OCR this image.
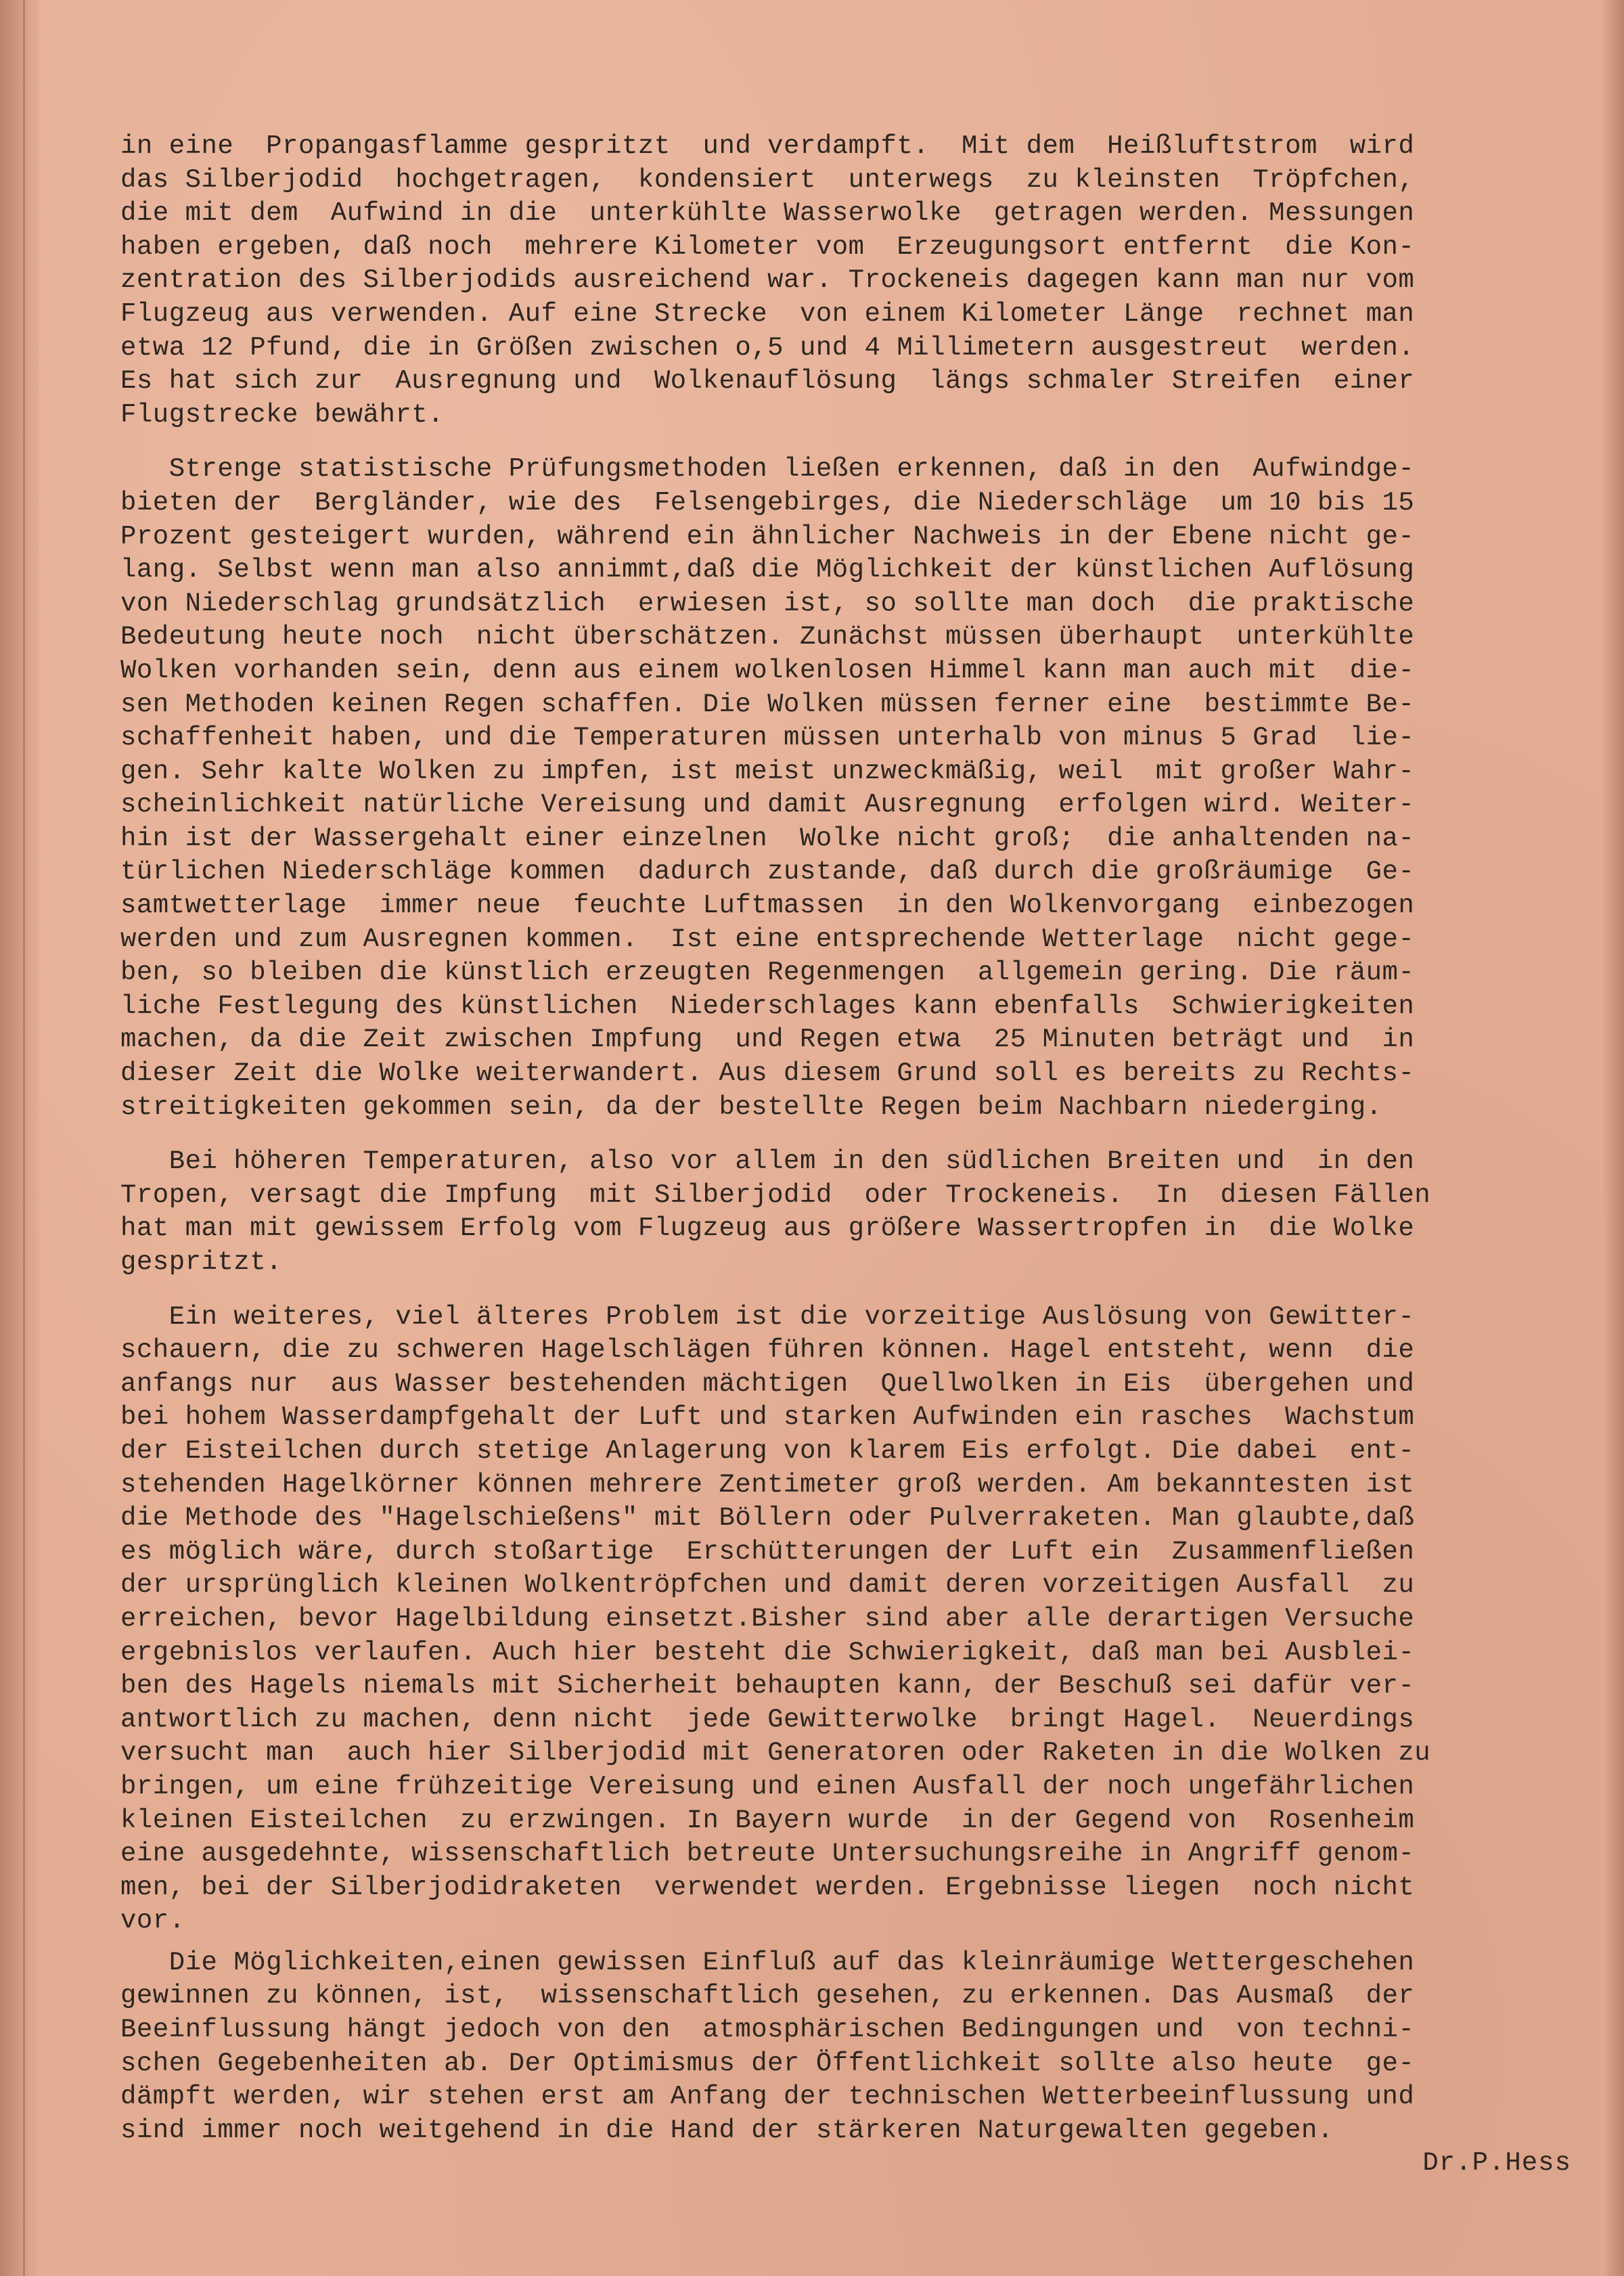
in eine  Propangasflamme gespritzt  und verdampft.  Mit dem  Heißluftstrom  wird
das Silberjodid  hochgetragen,  kondensiert  unterwegs  zu kleinsten  Tröpfchen,
die mit dem  Aufwind in die  unterkühlte Wasserwolke  getragen werden. Messungen
haben ergeben, daß noch  mehrere Kilometer vom  Erzeugungsort entfernt  die Kon-
zentration des Silberjodids ausreichend war. Trockeneis dagegen kann man nur vom
Flugzeug aus verwenden. Auf eine Strecke  von einem Kilometer Länge  rechnet man
etwa 12 Pfund, die in Größen zwischen o,5 und 4 Millimetern ausgestreut  werden.
Es hat sich zur  Ausregnung und  Wolkenauflösung  längs schmaler Streifen  einer
Flugstrecke bewährt.
Strenge statistische Prüfungsmethoden ließen erkennen, daß in den  Aufwindge-
bieten der  Bergländer, wie des  Felsengebirges, die Niederschläge  um 10 bis 15
Prozent gesteigert wurden, während ein ähnlicher Nachweis in der Ebene nicht ge-
lang. Selbst wenn man also annimmt,daß die Möglichkeit der künstlichen Auflösung
von Niederschlag grundsätzlich  erwiesen ist, so sollte man doch  die praktische
Bedeutung heute noch  nicht überschätzen. Zunächst müssen überhaupt  unterkühlte
Wolken vorhanden sein, denn aus einem wolkenlosen Himmel kann man auch mit  die-
sen Methoden keinen Regen schaffen. Die Wolken müssen ferner eine  bestimmte Be-
schaffenheit haben, und die Temperaturen müssen unterhalb von minus 5 Grad  lie-
gen. Sehr kalte Wolken zu impfen, ist meist unzweckmäßig, weil  mit großer Wahr-
scheinlichkeit natürliche Vereisung und damit Ausregnung  erfolgen wird. Weiter-
hin ist der Wassergehalt einer einzelnen  Wolke nicht groß;  die anhaltenden na-
türlichen Niederschläge kommen  dadurch zustande, daß durch die großräumige  Ge-
samtwetterlage  immer neue  feuchte Luftmassen  in den Wolkenvorgang  einbezogen
werden und zum Ausregnen kommen.  Ist eine entsprechende Wetterlage  nicht gege-
ben, so bleiben die künstlich erzeugten Regenmengen  allgemein gering. Die räum-
liche Festlegung des künstlichen  Niederschlages kann ebenfalls  Schwierigkeiten
machen, da die Zeit zwischen Impfung  und Regen etwa  25 Minuten beträgt und  in
dieser Zeit die Wolke weiterwandert. Aus diesem Grund soll es bereits zu Rechts-
streitigkeiten gekommen sein, da der bestellte Regen beim Nachbarn niederging.
Bei höheren Temperaturen, also vor allem in den südlichen Breiten und  in den
Tropen, versagt die Impfung  mit Silberjodid  oder Trockeneis.  In  diesen Fällen
hat man mit gewissem Erfolg vom Flugzeug aus größere Wassertropfen in  die Wolke
gespritzt.
Ein weiteres, viel älteres Problem ist die vorzeitige Auslösung von Gewitter-
schauern, die zu schweren Hagelschlägen führen können. Hagel entsteht, wenn  die
anfangs nur  aus Wasser bestehenden mächtigen  Quellwolken in Eis  übergehen und
bei hohem Wasserdampfgehalt der Luft und starken Aufwinden ein rasches  Wachstum
der Eisteilchen durch stetige Anlagerung von klarem Eis erfolgt. Die dabei  ent-
stehenden Hagelkörner können mehrere Zentimeter groß werden. Am bekanntesten ist
die Methode des "Hagelschießens" mit Böllern oder Pulverraketen. Man glaubte,daß
es möglich wäre, durch stoßartige  Erschütterungen der Luft ein  Zusammenfließen
der ursprünglich kleinen Wolkentröpfchen und damit deren vorzeitigen Ausfall  zu
erreichen, bevor Hagelbildung einsetzt.Bisher sind aber alle derartigen Versuche
ergebnislos verlaufen. Auch hier besteht die Schwierigkeit, daß man bei Ausblei-
ben des Hagels niemals mit Sicherheit behaupten kann, der Beschuß sei dafür ver-
antwortlich zu machen, denn nicht  jede Gewitterwolke  bringt Hagel.  Neuerdings
versucht man  auch hier Silberjodid mit Generatoren oder Raketen in die Wolken zu
bringen, um eine frühzeitige Vereisung und einen Ausfall der noch ungefährlichen
kleinen Eisteilchen  zu erzwingen. In Bayern wurde  in der Gegend von  Rosenheim
eine ausgedehnte, wissenschaftlich betreute Untersuchungsreihe in Angriff genom-
men, bei der Silberjodidraketen  verwendet werden. Ergebnisse liegen  noch nicht
vor.
Die Möglichkeiten,einen gewissen Einfluß auf das kleinräumige Wettergeschehen
gewinnen zu können, ist,  wissenschaftlich gesehen, zu erkennen. Das Ausmaß  der
Beeinflussung hängt jedoch von den  atmosphärischen Bedingungen und  von techni-
schen Gegebenheiten ab. Der Optimismus der Öffentlichkeit sollte also heute  ge-
dämpft werden, wir stehen erst am Anfang der technischen Wetterbeeinflussung und
sind immer noch weitgehend in die Hand der stärkeren Naturgewalten gegeben.
Dr.P.Hess
